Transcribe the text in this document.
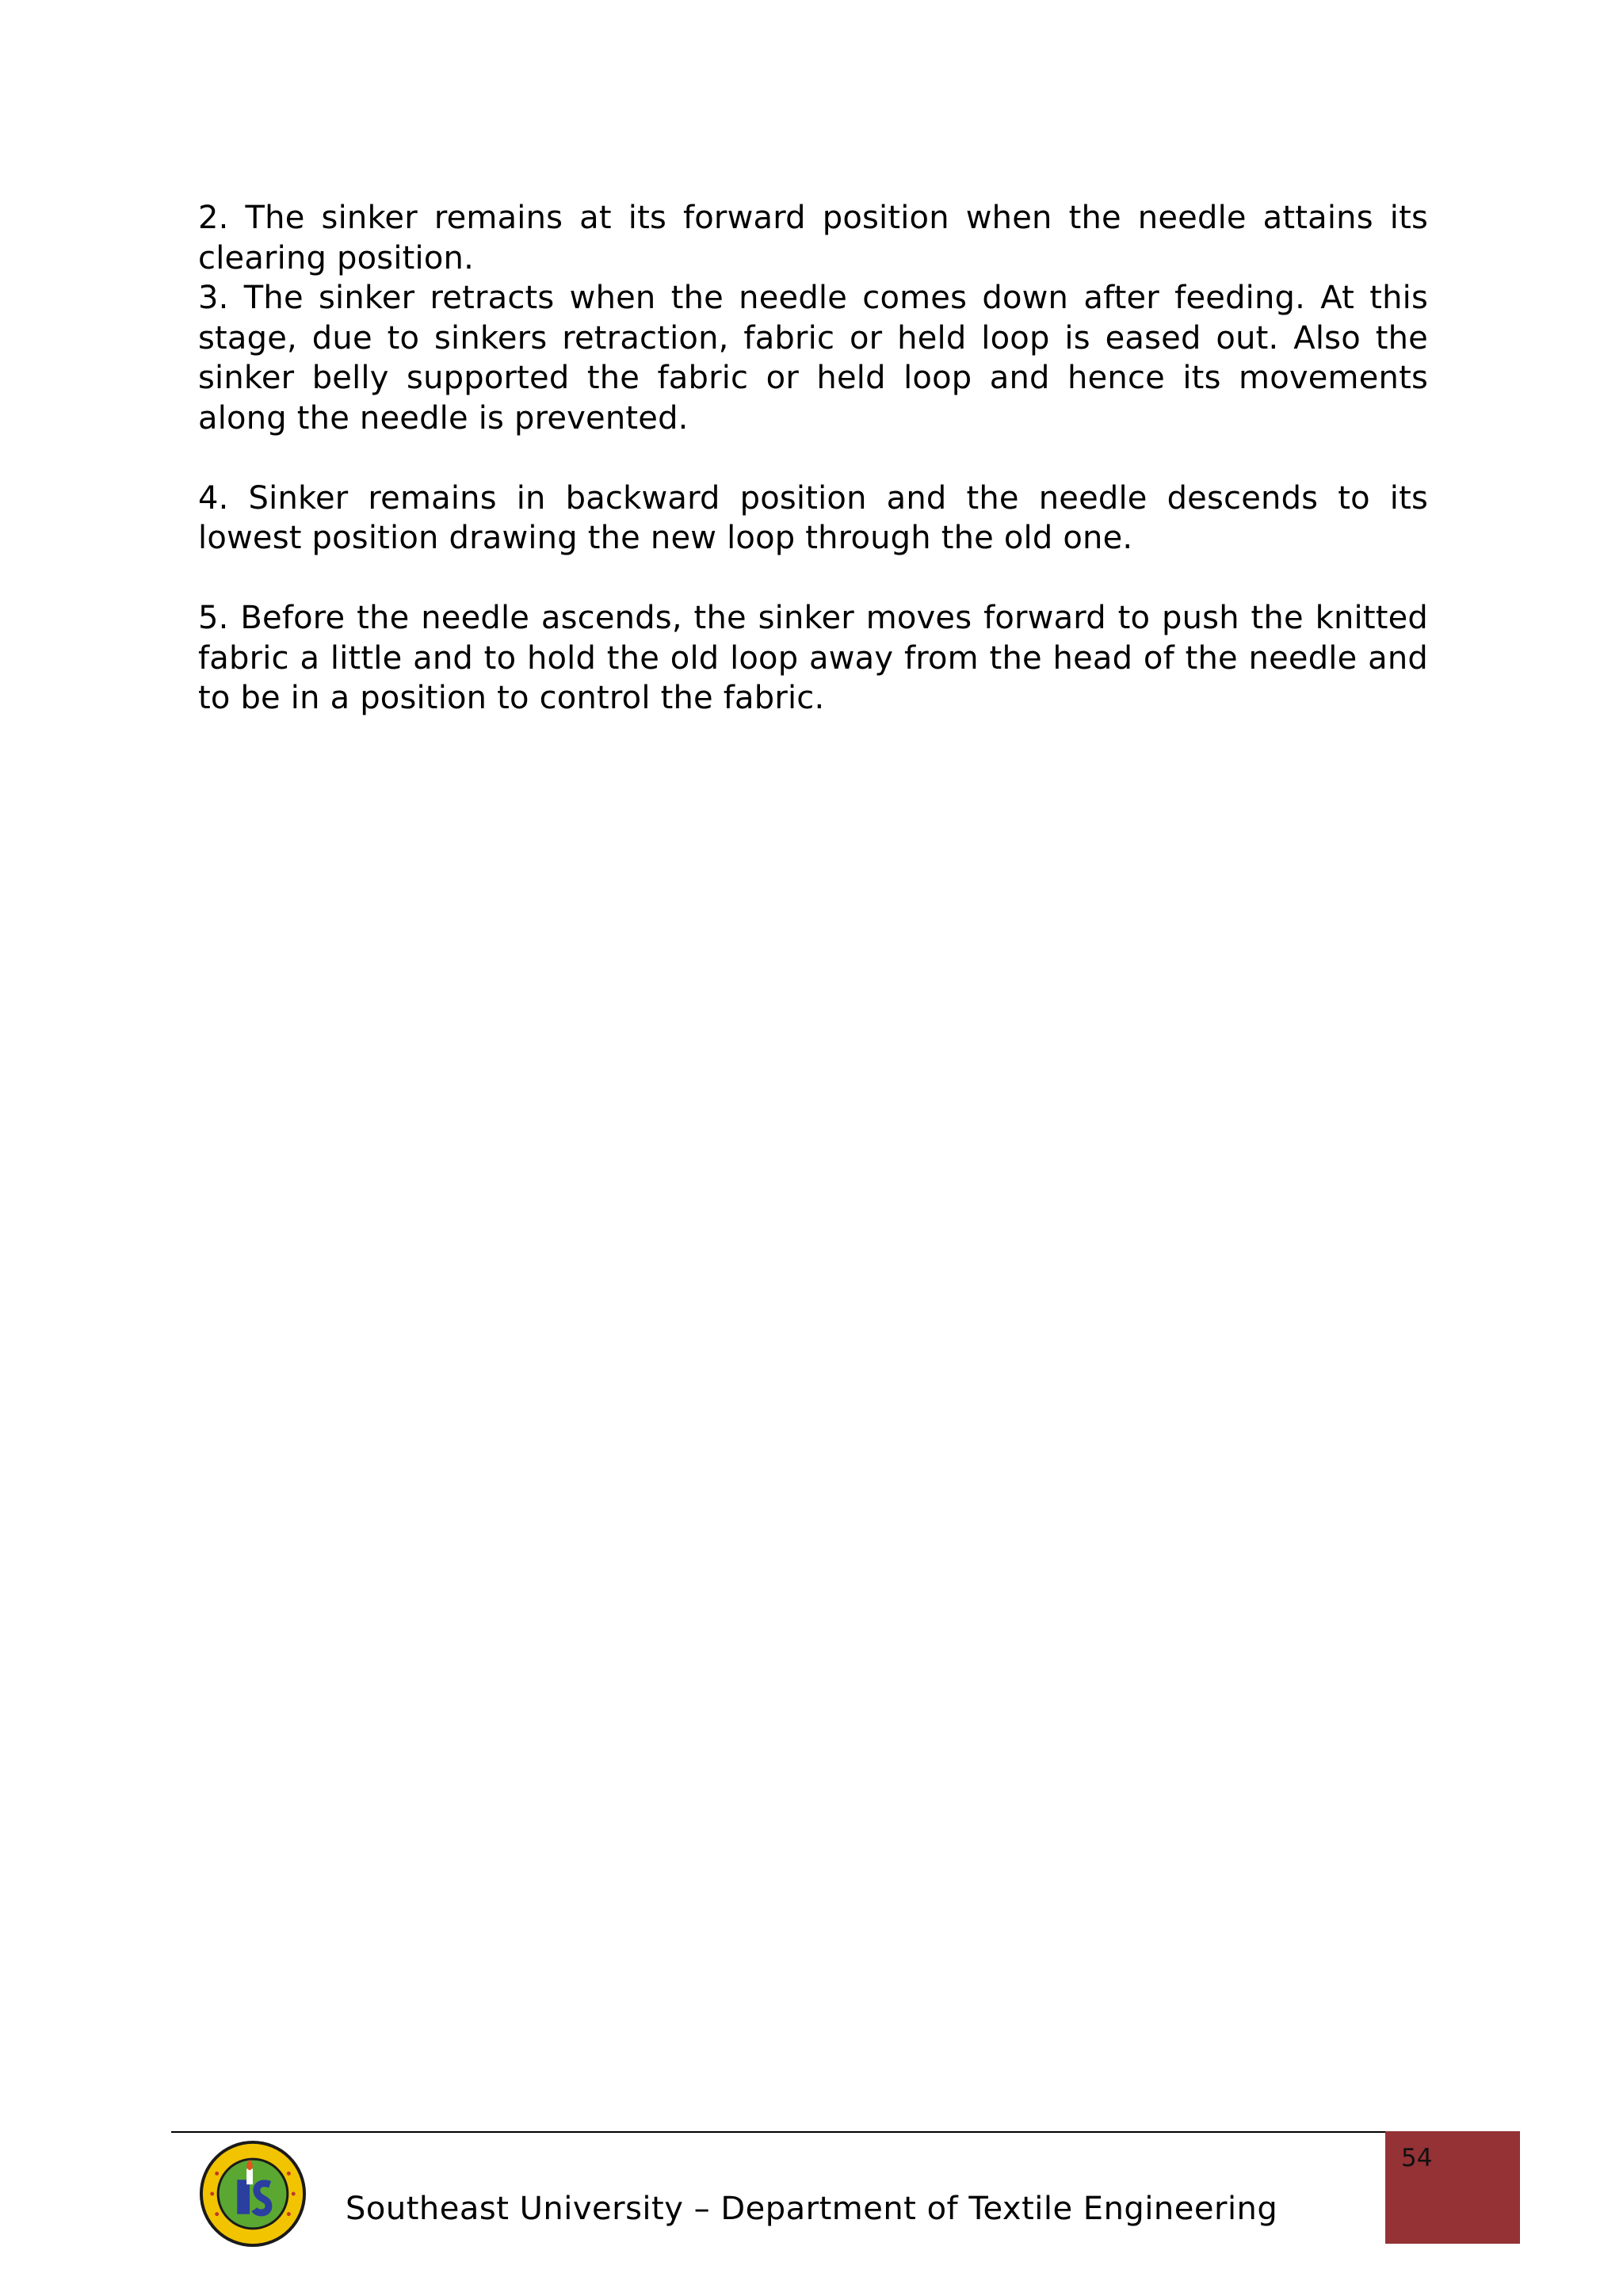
2. The sinker remains at its forward position when the needle attains its clearing position.

3. The sinker retracts when the needle comes down after feeding. At this stage, due to sinkers retraction, fabric or held loop is eased out. Also the sinker belly supported the fabric or held loop and hence its movements along the needle is prevented.

4. Sinker remains in backward position and the needle descends to its lowest position drawing the new loop through the old one.

5. Before the needle ascends, the sinker moves forward to push the knitted fabric a little and to hold the old loop away from the head of the needle and to be in a position to control the fabric.

54
Southeast University – Department of Textile Engineering
